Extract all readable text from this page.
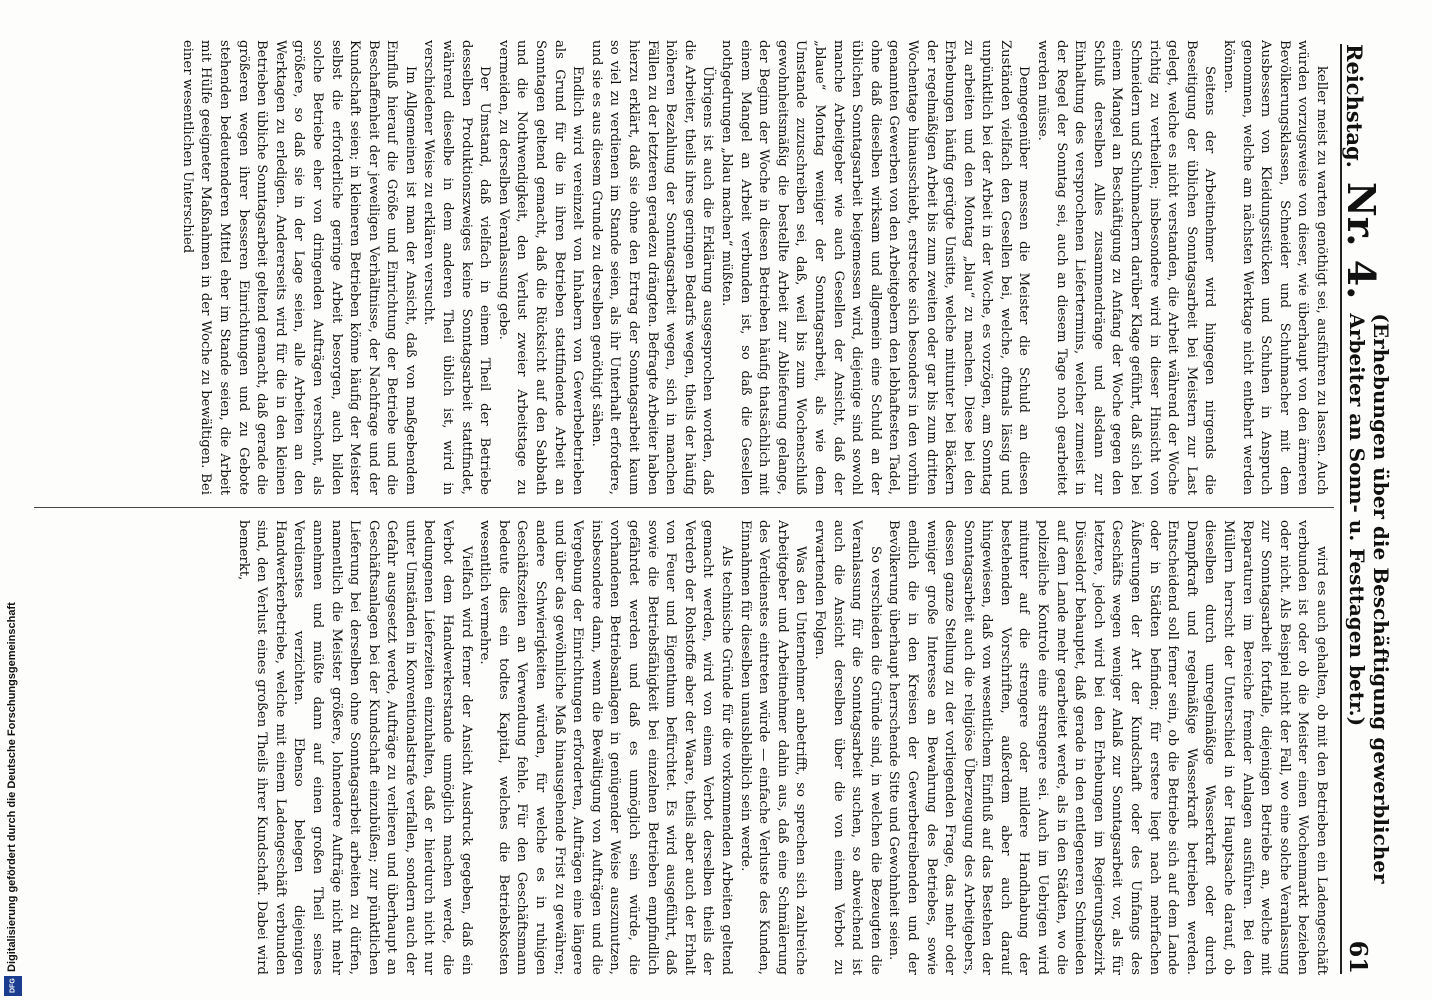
Reichstag.
Nr. 4.
(Erhebungen über die Beschäftigung gewerblicher Arbeiter an Sonn- u. Festtagen betr.)
61

keller meist zu warten genöthigt sei, ausführen zu lassen. Auch würden vorzugsweise von dieser, wie überhaupt von den ärmeren Bevölkerungsklassen, Schneider und Schuhmacher mit dem Ausbessern von Kleidungsstücken und Schuhen in Anspruch genommen, welche am nächsten Werktage nicht entbehrt werden können.

Seitens der Arbeitnehmer wird hingegen nirgends die Beseitigung der üblichen Sonntagsarbeit bei Meistern zur Last gelegt, welche es nicht verstanden, die Arbeit während der Woche richtig zu vertheilen; insbesondere wird in dieser Hinsicht von Schneidern und Schuhmachern darüber Klage geführt, daß sich bei einem Mangel an Beschäftigung zu Anfang der Woche gegen den Schluß derselben Alles zusammendränge und alsdann zur Einhaltung des versprochenen Liefertermins, welcher zumeist in der Regel der Sonntag sei, auch an diesem Tage noch gearbeitet werden müsse.

Demgegenüber messen die Meister die Schuld an diesen Zuständen vielfach den Gesellen bei, welche, oftmals lässig und unpünktlich bei der Arbeit in der Woche, es vorzögen, am Sonntag zu arbeiten und den Montag „blau“ zu machen. Diese bei den Erhebungen häufig gerügte Unsitte, welche mitunter bei Bäckern der regelmäßigen Arbeit bis zum zweiten oder gar bis zum dritten Wochentage hinausschiebt, erstrecke sich besonders in den vorhin genannten Gewerben von den Arbeitgebern den lebhaftesten Tadel, ohne daß dieselben wirksam und allgemein eine Schuld an der üblichen Sonntagsarbeit beigemessen wird, diejenige sind sowohl manche Arbeitgeber wie auch Gesellen der Ansicht, daß der „blaue“ Montag weniger der Sonntagsarbeit, als wie dem Umstande zuzuschreiben sei, daß, weil bis zum Wochenschluß gewohnheitsmäßig die bestellte Arbeit zur Ablieferung gelange, der Beginn der Woche in diesen Betrieben häufig thatsächlich mit einem Mangel an Arbeit verbunden ist, so daß die Gesellen nothgedrungen „blau machen“ müßten.

Übrigens ist auch die Erklärung ausgesprochen worden, daß die Arbeiter, theils ihres geringen Bedarfs wegen, theils der häufig höheren Bezahlung der Sonntagsarbeit wegen, sich in manchen Fällen zu der letzteren geradezu drängten. Befragte Arbeiter haben hierzu erklärt, daß sie ohne den Ertrag der Sonntagsarbeit kaum so viel zu verdienen im Stande seien, als ihr Unterhalt erfordere, und sie es aus diesem Grunde zu derselben genöthigt sähen.

Endlich wird vereinzelt von Inhabern von Gewerbebetrieben als Grund für die in ihren Betrieben stattfindende Arbeit an Sonntagen geltend gemacht, daß die Rücksicht auf den Sabbath und die Nothwendigkeit, den Verlust zweier Arbeitstage zu vermeiden, zu derselben Veranlassung gebe.

Der Umstand, daß vielfach in einem Theil der Betriebe desselben Produktionszweiges keine Sonntagsarbeit stattfindet, während dieselbe in dem anderen Theil üblich ist, wird in verschiedener Weise zu erklären versucht.

Im Allgemeinen ist man der Ansicht, daß von maßgebendem Einfluß hierauf die Größe und Einrichtung der Betriebe und die Beschaffenheit der jeweiligen Verhältnisse, der Nachfrage und der Kundschaft seien; in kleineren Betrieben könne häufig der Meister selbst die erforderliche geringe Arbeit besorgen, auch bilden solche Betriebe eher von dringenden Aufträgen verschont, als größere, so daß sie in der Lage seien, alle Arbeiten an den Werktagen zu erledigen. Andererseits wird für die in den kleinen Betrieben übliche Sonntagsarbeit geltend gemacht, daß gerade die größeren wegen ihrer besseren Einrichtungen und zu Gebote stehenden bedeutenderen Mittel eher im Stande seien, die Arbeit mit Hülfe geeigneter Maßnahmen in der Woche zu bewältigen. Bei einer wesentlichen Unterschied

wird es auch gehalten, ob mit den Betrieben ein Ladengeschäft verbunden ist oder ob die Meister einen Wochenmarkt beziehen oder nicht. Als Beispiel nicht der Fall, wo eine solche Veranlassung zur Sonntagsarbeit fortfalle, diejenigen Betriebe an, welche mit Reparaturen im Bereiche fremder Anlagen ausführen. Bei den Müllern herrscht der Unterschied in der Hauptsache darauf, ob dieselben durch unregelmäßige Wasserkraft oder durch Dampfkraft und regelmäßige Wasserkraft betrieben werden. Entscheidend soll ferner sein, ob die Betriebe sich auf dem Lande oder in Städten befinden; für erstere liegt nach mehrfachen Äußerungen der Art der Kundschaft oder des Umfangs des Geschäfts wegen weniger Anlaß zur Sonntagsarbeit vor, als für letztere, jedoch wird bei den Erhebungen im Regierungsbezirk Düsseldorf behauptet, daß gerade in den entlegeneren Schmieden auf dem Lande mehr gearbeitet werde, als in den Städten, wo die polizeiliche Kontrole eine strengere sei. Auch im Uebrigen wird mitunter auf die strengere oder mildere Handhabung der bestehenden Vorschriften, außerdem aber auch darauf hingewiesen, daß von wesentlichem Einfluß auf das Bestehen der Sonntagsarbeit auch die religiöse Überzeugung des Arbeitgebers, dessen ganze Stellung zu der vorliegenden Frage, das mehr oder weniger große Interesse an Bewahrung des Betriebes, sowie endlich die in den Kreisen der Gewerbetreibenden und der Bevölkerung überhaupt herrschende Sitte und Gewohnheit seien.

So verschieden die Gründe sind, in welchen die Bezeugten die Veranlassung für die Sonntagsarbeit suchen, so abweichend ist auch die Ansicht derselben über die von einem Verbot zu erwartenden Folgen.

Was den Unternehmer anbetrifft, so sprechen sich zahlreiche Arbeitgeber und Arbeitnehmer dahin aus, daß eine Schmälerung des Verdienstes eintreten würde — einfache Verluste des Kunden, Einnahmen für dieselben unausbleiblich sein werde.

Als technische Gründe für die vorkommenden Arbeiten geltend gemacht werden, wird von einem Verbot derselben theils der Verderb der Rohstoffe aber der Waare, theils aber auch der Erhalt von Feuer und Eigenthum befürchtet. Es wird ausgeführt, daß sowie die Betriebsfähigkeit bei einzelnen Betrieben empfindlich gefährdet werden und daß es unmöglich sein würde, die vorhandenen Betriebsanlagen in genügender Weise auszunutzen, insbesondere dann, wenn die Bewältigung von Aufträgen und die Vergebung der Einrichtungen erforderten, Aufträgen eine längere und über das gewöhnliche Maß hinausgehende Frist zu gewähren; andere Schwierigkeiten würden, für welche es in ruhigen Geschäftszeiten an Verwendung fehle. Für den Geschäftsmann bedeute dies ein todtes Kapital, welches die Betriebskosten wesentlich vermehre.

Vielfach wird ferner der Ansicht Ausdruck gegeben, daß ein Verbot dem Handwerkerstande unmöglich machen werde, die bedungenen Lieferzeiten einzuhalten, daß er hierdurch nicht nur unter Umständen in Konventionalstrafe verfallen, sondern auch der Gefahr ausgesetzt werde, Aufträge zu verlieren und überhaupt an Geschäftsanlagen bei der Kundschaft einzubüßen; zur pünktlichen Lieferung bei derselben ohne Sonntagsarbeit arbeiten zu dürfen, namentlich die Meister größere, lohnendere Aufträge nicht mehr annehmen und müßte dann auf einen großen Theil seines Verdienstes verzichten. Ebenso belegen diejenigen Handwerkerbetriebe, welche mit einem Ladengeschäft verbunden sind, den Verlust eines großen Theils ihrer Kundschaft. Dabei wird bemerkt,

Digitalisierung gefördert durch die Deutsche Forschungsgemeinschaft
DFG
